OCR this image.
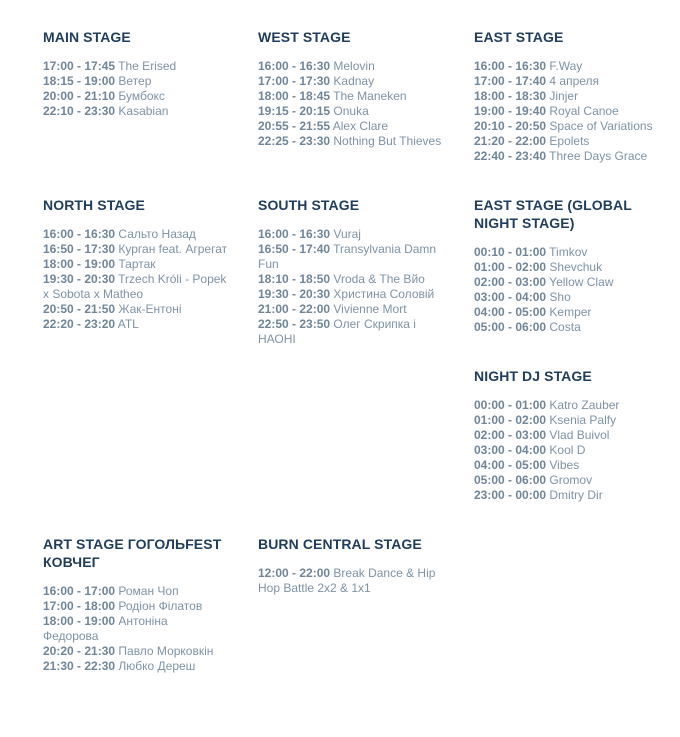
MAIN STAGE
17:00 - 17:45 The Erised
18:15 - 19:00 Ветер
20:00 - 21:10 Бумбокс
22:10 - 23:30 Kasabian
WEST STAGE
16:00 - 16:30 Melovin
17:00 - 17:30 Kadnay
18:00 - 18:45 The Maneken
19:15 - 20:15 Onuka
20:55 - 21:55 Alex Clare
22:25 - 23:30 Nothing But Thieves
EAST STAGE
16:00 - 16:30 F.Way
17:00 - 17:40 4 апреля
18:00 - 18:30 Jinjer
19:00 - 19:40 Royal Canoe
20:10 - 20:50 Space of Variations
21:20 - 22:00 Epolets
22:40 - 23:40 Three Days Grace
NORTH STAGE
16:00 - 16:30 Сальто Назад
16:50 - 17:30 Курган feat. Агрегат
18:00 - 19:00 Тартак
19:30 - 20:30 Trzech Króli - Popek x Sobota x Matheo
20:50 - 21:50 Жак-Ентоні
22:20 - 23:20 ATL
SOUTH STAGE
16:00 - 16:30 Vuraj
16:50 - 17:40 Transylvania Damn Fun
18:10 - 18:50 Vroda & The Вйо
19:30 - 20:30 Христина Соловій
21:00 - 22:00 Vivienne Mort
22:50 - 23:50 Олег Скрипка і НАОНІ
EAST STAGE (GLOBAL NIGHT STAGE)
00:10 - 01:00 Timkov
01:00 - 02:00 Shevchuk
02:00 - 03:00 Yellow Claw
03:00 - 04:00 Sho
04:00 - 05:00 Kemper
05:00 - 06:00 Costa
NIGHT DJ STAGE
00:00 - 01:00 Katro Zauber
01:00 - 02:00 Ksenia Palfy
02:00 - 03:00 Vlad Buivol
03:00 - 04:00 Kool D
04:00 - 05:00 Vibes
05:00 - 06:00 Gromov
23:00 - 00:00 Dmitry Dir
ART STAGE ГОГОЛЬFEST КОВЧЕГ
16:00 - 17:00 Роман Чоп
17:00 - 18:00 Родіон Філатов
18:00 - 19:00 Антоніна Федорова
20:20 - 21:30 Павло Морковкін
21:30 - 22:30 Любко Дереш
BURN CENTRAL STAGE
12:00 - 22:00 Break Dance & Hip Hop Battle 2x2 & 1x1
